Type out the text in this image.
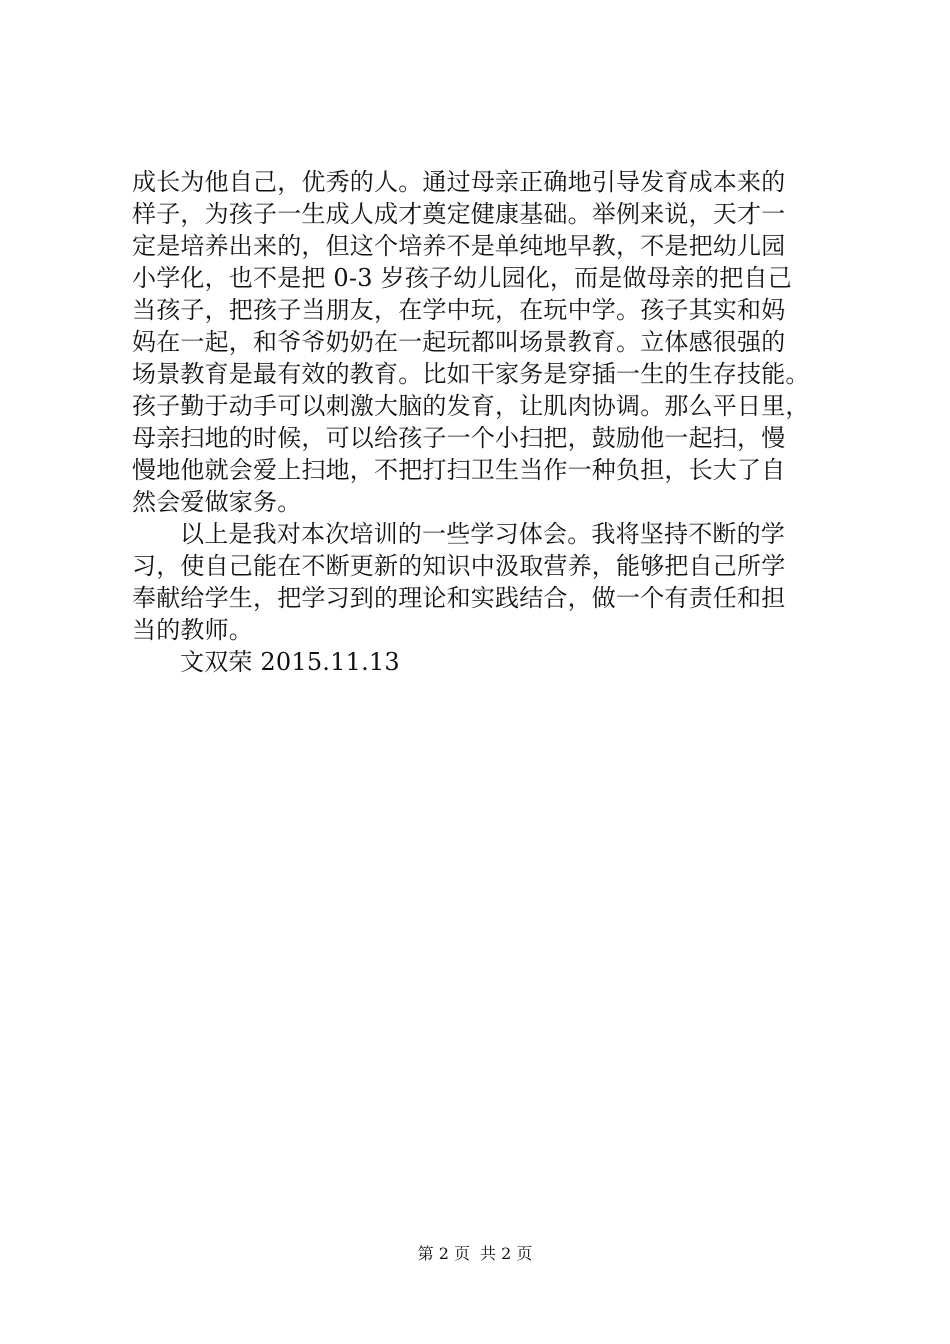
成长为他自己，优秀的人。通过母亲正确地引导发育成本来的
样子，为孩子一生成人成才奠定健康基础。举例来说，天才一
定是培养出来的，但这个培养不是单纯地早教，不是把幼儿园
小学化，也不是把 0-3 岁孩子幼儿园化，而是做母亲的把自己
当孩子，把孩子当朋友，在学中玩，在玩中学。孩子其实和妈
妈在一起，和爷爷奶奶在一起玩都叫场景教育。立体感很强的
场景教育是最有效的教育。比如干家务是穿插一生的生存技能。
孩子勤于动手可以刺激大脑的发育，让肌肉协调。那么平日里，
母亲扫地的时候，可以给孩子一个小扫把，鼓励他一起扫，慢
慢地他就会爱上扫地，不把打扫卫生当作一种负担，长大了自
然会爱做家务。
以上是我对本次培训的一些学习体会。我将坚持不断的学
习，使自己能在不断更新的知识中汲取营养，能够把自己所学
奉献给学生，把学习到的理论和实践结合，做一个有责任和担
当的教师。
文双荣 2015.11.13
第 2 页 共 2 页
